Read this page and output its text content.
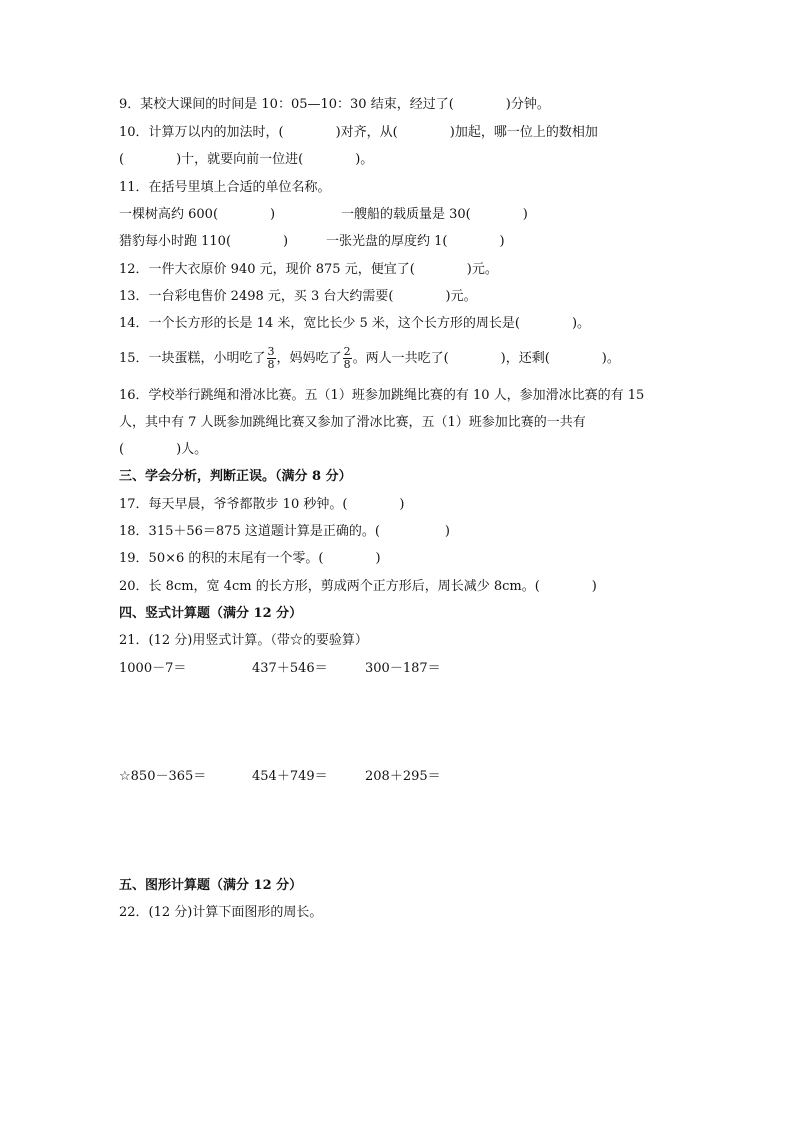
9．某校大课间的时间是 10：05—10：30 结束，经过了(　　　　)分钟。
10．计算万以内的加法时，(　　　　)对齐，从(　　　　)加起，哪一位上的数相加
(　　　　)十，就要向前一位进(　　　　)。
11．在括号里填上合适的单位名称。
一棵树高约 600(　　　　)	一艘船的载质量是 30(　　　　)
猎豹每小时跑 110(　　　　)	一张光盘的厚度约 1(　　　　)
12．一件大衣原价 940 元，现价 875 元，便宜了(　　　　)元。
13．一台彩电售价 2498 元，买 3 台大约需要(　　　　)元。
14．一个长方形的长是 14 米，宽比长少 5 米，这个长方形的周长是(　　　　)。
15．一块蛋糕，小明吃了 $\frac{3}{8}$ ，妈妈吃了 $\frac{2}{8}$ 。两人一共吃了(　　　　)，还剩(　　　　)。
16．学校举行跳绳和滑冰比赛。五（1）班参加跳绳比赛的有 10 人，参加滑冰比赛的有 15
人，其中有 7 人既参加跳绳比赛又参加了滑冰比赛，五（1）班参加比赛的一共有
(　　　　)人。
三、学会分析，判断正误。（满分 8 分）
17．每天早晨，爷爷都散步 10 秒钟。(　　　　)
18．315＋56＝875 这道题计算是正确的。(　　　　　)
19．50×6 的积的末尾有一个零。(　　　　)
20．长 8cm，宽 4cm 的长方形，剪成两个正方形后，周长减少 8cm。(　　　　)
四、竖式计算题（满分 12 分）
21．(12 分)用竖式计算。（带☆的要验算）
1000－7＝	437＋546＝	300－187＝
☆850－365＝	454＋749＝	208＋295＝
五、图形计算题（满分 12 分）
22．(12 分)计算下面图形的周长。
